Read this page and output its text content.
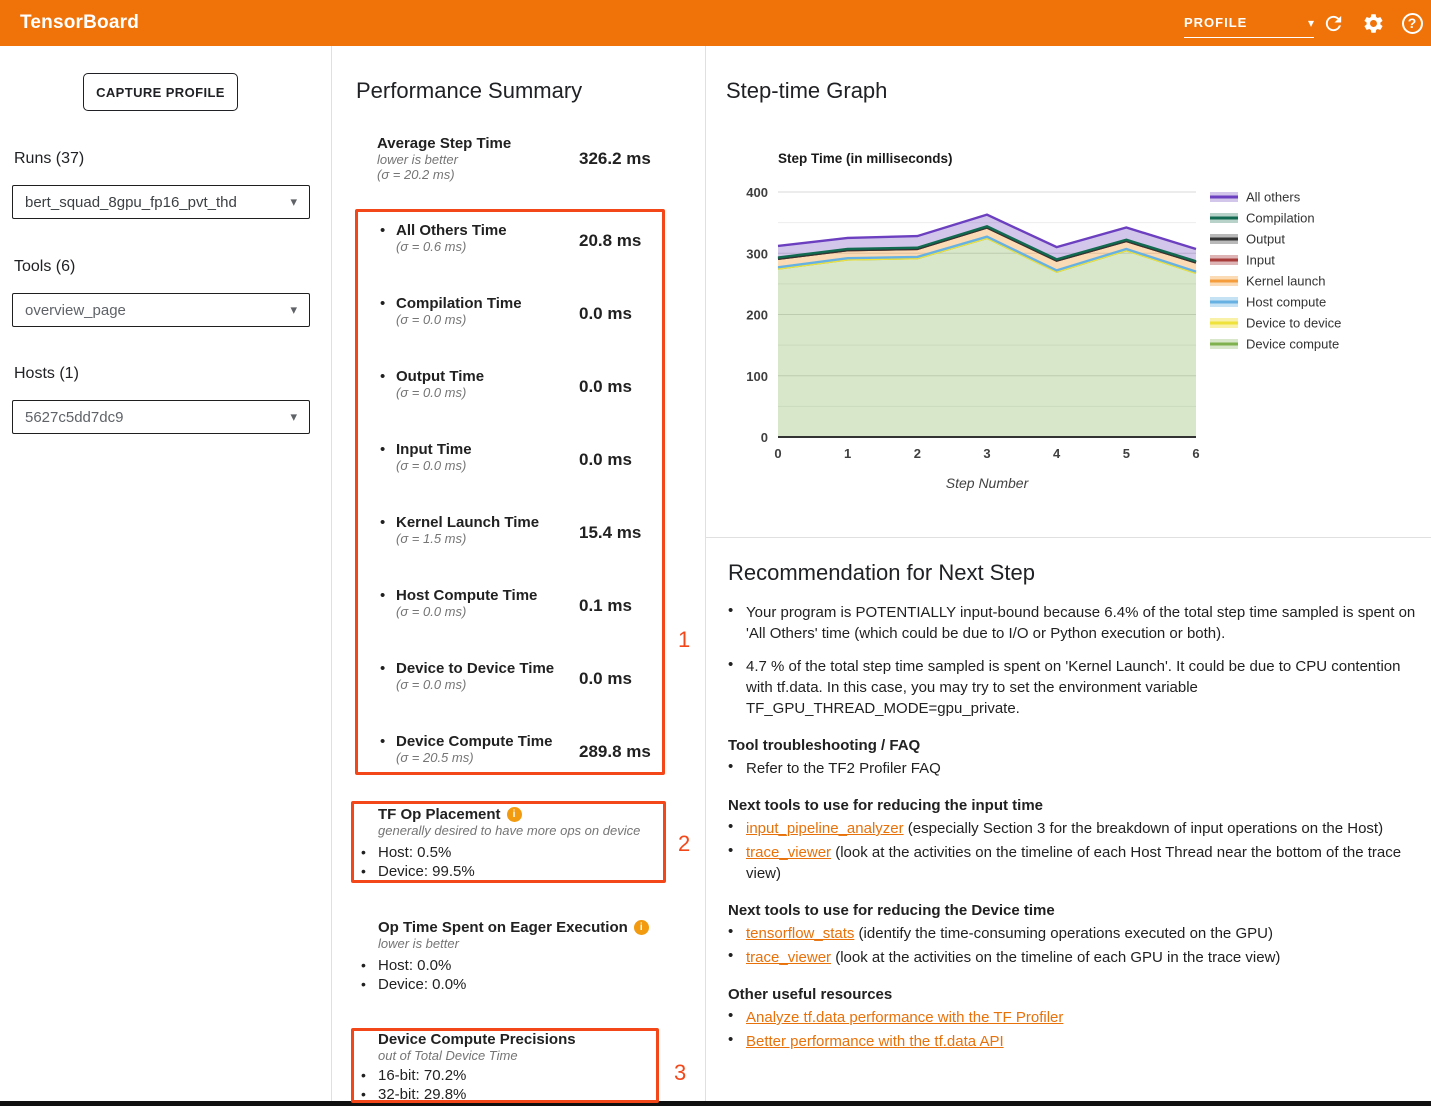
TensorBoard	PROFILE	▾	?
CAPTURE PROFILE
Runs (37)
bert_squad_8gpu_fp16_pvt_thd	▾
Tools (6)
overview_page	▾
Hosts (1)
5627c5dd7dc9	▾
Performance Summary
Average Step Time
lower is better
(σ = 20.2 ms)
326.2 ms
•
All Others Time
(σ = 0.6 ms)	20.8 ms
•
Compilation Time
(σ = 0.0 ms)	0.0 ms
•
Output Time
(σ = 0.0 ms)	0.0 ms
•
Input Time
(σ = 0.0 ms)	0.0 ms
•
Kernel Launch Time
(σ = 1.5 ms)	15.4 ms
•
Host Compute Time
(σ = 0.0 ms)	0.1 ms
•
Device to Device Time
(σ = 0.0 ms)	0.0 ms
•
Device Compute Time
(σ = 20.5 ms)	289.8 ms
1
TF Op Placement	i
generally desired to have more ops on device
•
Host: 0.5%
•
Device: 99.5%
2
Op Time Spent on Eager Execution	i
lower is better
•
Host: 0.0%
•
Device: 0.0%
Device Compute Precisions
out of Total Device Time
•
16-bit: 70.2%
•
32-bit: 29.8%
3
Step-time Graph
0
100
200
300
400
0	1	2	3	4	5	6
Step Time (in milliseconds)
Step Number
All others
Compilation
Output
Input
Kernel launch
Host compute
Device to device
Device compute
Recommendation for Next Step
•

Your program is POTENTIALLY input-bound because 6.4% of the total step time sampled is spent on 'All Others' time (which could be due to I/O or Python execution or both).

•

4.7 % of the total step time sampled is spent on 'Kernel Launch'. It could be due to CPU contention with tf.data. In this case, you may try to set the environment variable TF_GPU_THREAD_MODE=gpu_private.

Tool troubleshooting / FAQ
•

Refer to the TF2 Profiler FAQ

Next tools to use for reducing the input time
•

input_pipeline_analyzer (especially Section 3 for the breakdown of input operations on the Host)

•

trace_viewer (look at the activities on the timeline of each Host Thread near the bottom of the trace view)

Next tools to use for reducing the Device time
•

tensorflow_stats (identify the time-consuming operations executed on the GPU)

•

trace_viewer (look at the activities on the timeline of each GPU in the trace view)

Other useful resources
•

Analyze tf.data performance with the TF Profiler

•

Better performance with the tf.data API
